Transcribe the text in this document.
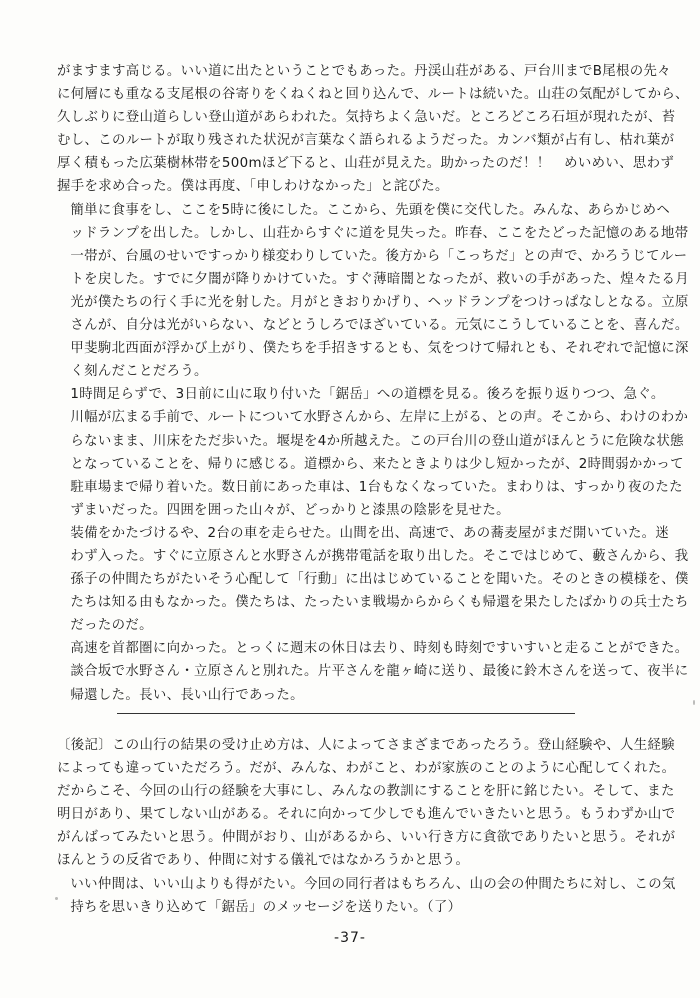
がますます高じる。いい道に出たということでもあった。丹渓山荘がある、戸台川までB尾根の先々
に何層にも重なる支尾根の谷寄りをくねくねと回り込んで、ルートは続いた。山荘の気配がしてから、
久しぶりに登山道らしい登山道があらわれた。気持ちよく急いだ。ところどころ石垣が現れたが、苔
むし、このルートが取り残された状況が言葉なく語られるようだった。カンバ類が占有し、枯れ葉が
厚く積もった広葉樹林帯を500mほど下ると、山荘が見えた。助かったのだ！！　めいめい、思わず
握手を求め合った。僕は再度、「申しわけなかった」と詫びた。

簡単に食事をし、ここを5時に後にした。ここから、先頭を僕に交代した。みんな、あらかじめヘ
ッドランプを出した。しかし、山荘からすぐに道を見失った。昨春、ここをたどった記憶のある地帯
一帯が、台風のせいですっかり様変わりしていた。後方から「こっちだ」との声で、かろうじてルー
トを戻した。すでに夕闇が降りかけていた。すぐ薄暗闇となったが、救いの手があった、煌々たる月
光が僕たちの行く手に光を射した。月がときおりかげり、ヘッドランプをつけっぱなしとなる。立原
さんが、自分は光がいらない、などとうしろでほざいている。元気にこうしていることを、喜んだ。
甲斐駒北西面が浮かび上がり、僕たちを手招きするとも、気をつけて帰れとも、それぞれで記憶に深
く刻んだことだろう。

1時間足らずで、3日前に山に取り付いた「鋸岳」への道標を見る。後ろを振り返りつつ、急ぐ。
川幅が広まる手前で、ルートについて水野さんから、左岸に上がる、との声。そこから、わけのわか
らないまま、川床をただ歩いた。堰堤を4か所越えた。この戸台川の登山道がほんとうに危険な状態
となっていることを、帰りに感じる。道標から、来たときよりは少し短かったが、2時間弱かかって
駐車場まで帰り着いた。数日前にあった車は、1台もなくなっていた。まわりは、すっかり夜のたた
ずまいだった。四囲を囲った山々が、どっかりと漆黒の陰影を見せた。

装備をかたづけるや、2台の車を走らせた。山間を出、高速で、あの蕎麦屋がまだ開いていた。迷
わず入った。すぐに立原さんと水野さんが携帯電話を取り出した。そこではじめて、藪さんから、我
孫子の仲間たちがたいそう心配して「行動」に出はじめていることを聞いた。そのときの模様を、僕
たちは知る由もなかった。僕たちは、たったいま戦場からからくも帰還を果たしたばかりの兵士たち
だったのだ。

高速を首都圏に向かった。とっくに週末の休日は去り、時刻も時刻ですいすいと走ることができた。
談合坂で水野さん・立原さんと別れた。片平さんを龍ヶ崎に送り、最後に鈴木さんを送って、夜半に
帰還した。長い、長い山行であった。

〔後記〕この山行の結果の受け止め方は、人によってさまざまであったろう。登山経験や、人生経験
によっても違っていただろう。だが、みんな、わがこと、わが家族のことのように心配してくれた。
だからこそ、今回の山行の経験を大事にし、みんなの教訓にすることを肝に銘じたい。そして、また
明日があり、果てしない山がある。それに向かって少しでも進んでいきたいと思う。もうわずか山で
がんばってみたいと思う。仲間がおり、山があるから、いい行き方に貪欲でありたいと思う。それが
ほんとうの反省であり、仲間に対する儀礼ではなかろうかと思う。

いい仲間は、いい山よりも得がたい。今回の同行者はもちろん、山の会の仲間たちに対し、この気
持ちを思いきり込めて「鋸岳」のメッセージを送りたい。（了）

-37-
